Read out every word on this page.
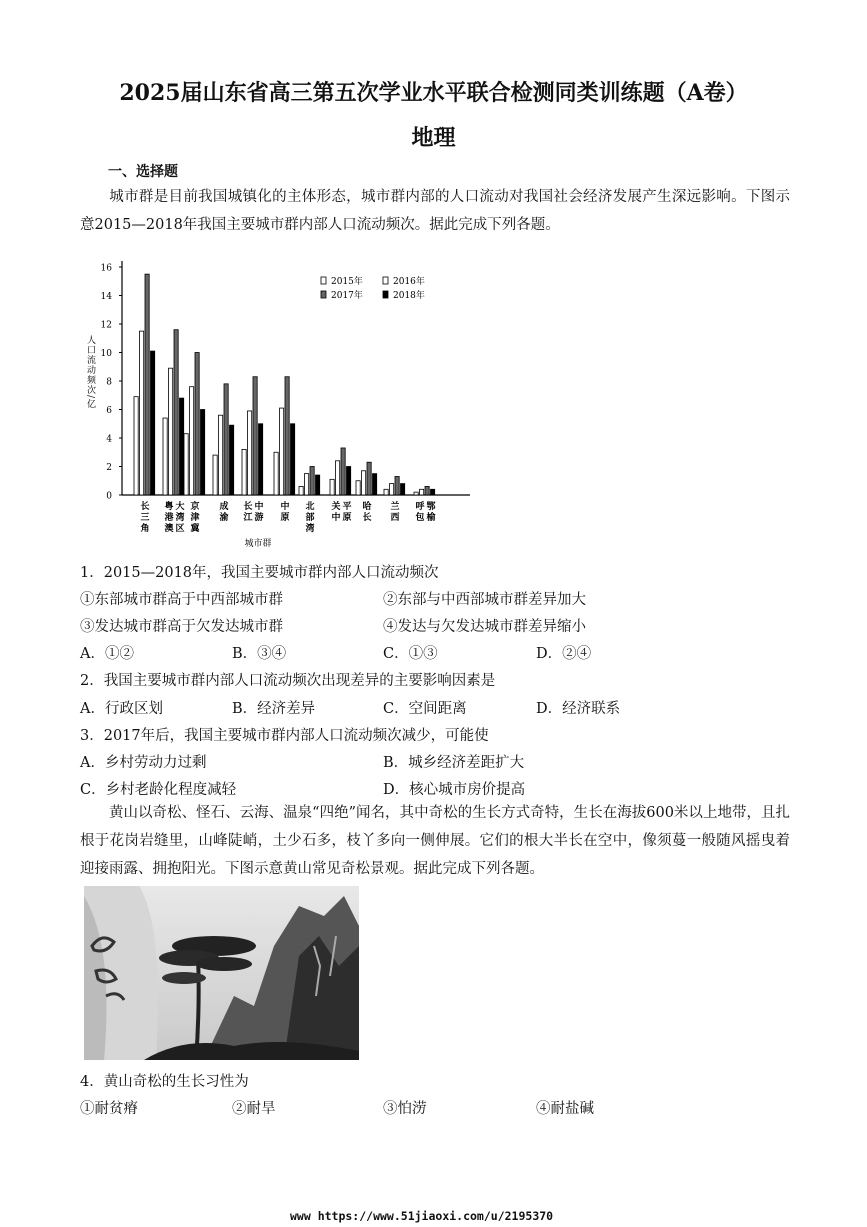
2025届山东省高三第五次学业水平联合检测同类训练题（A卷）
地理
一、选择题
城市群是目前我国城镇化的主体形态，城市群内部的人口流动对我国社会经济发展产生深远影响。下图示意2015—2018年我国主要城市群内部人口流动频次。据此完成下列各题。
0
2
4
6
8
10
12
14
16
人口流动频次/亿
长
三
角
粤
港
澳
大
湾
区
京
津
冀
成
渝
长
江
中
游
中
原
北
部
湾
关
中
平
原
哈
长
兰
西
呼
包
鄂
榆
城市群
2015年	2016年
2017年	2018年
1．2015—2018年，我国主要城市群内部人口流动频次
①东部城市群高于中西部城市群	②东部与中西部城市群差异加大
③发达城市群高于欠发达城市群	④发达与欠发达城市群差异缩小
A．①②	B．③④	C．①③	D．②④
2．我国主要城市群内部人口流动频次出现差异的主要影响因素是
A．行政区划	B．经济差异	C．空间距离	D．经济联系
3．2017年后，我国主要城市群内部人口流动频次减少，可能使
A．乡村劳动力过剩	B．城乡经济差距扩大
C．乡村老龄化程度减轻	D．核心城市房价提高
黄山以奇松、怪石、云海、温泉“四绝”闻名，其中奇松的生长方式奇特，生长在海拔600米以上地带，且扎根于花岗岩缝里，山峰陡峭，土少石多，枝丫多向一侧伸展。它们的根大半长在空中，像须蔓一般随风摇曳着迎接雨露、拥抱阳光。下图示意黄山常见奇松景观。据此完成下列各题。
4．黄山奇松的生长习性为
①耐贫瘠	②耐旱	③怕涝	④耐盐碱
www https://www.51jiaoxi.com/u/2195370
